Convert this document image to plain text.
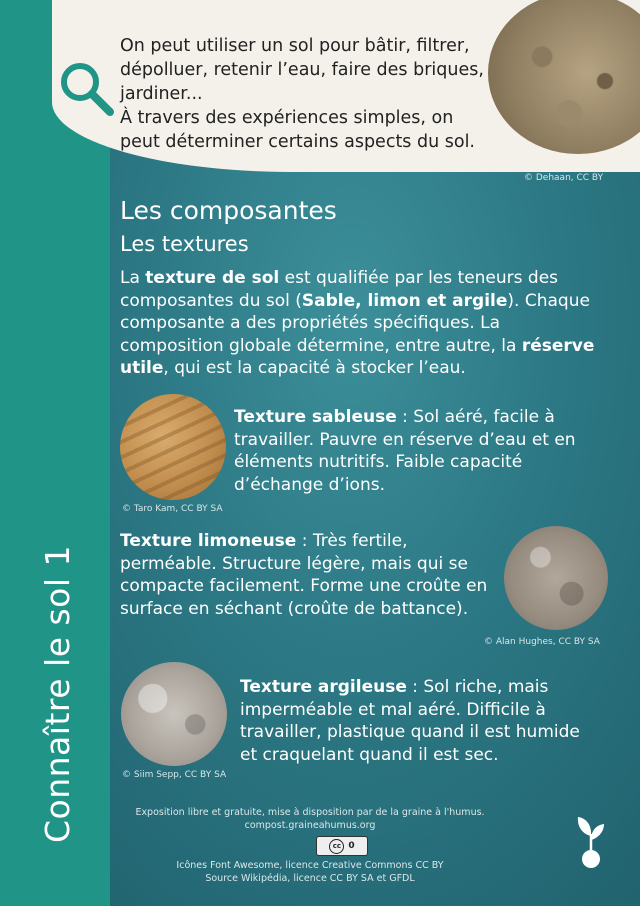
Connaître le sol 1

On peut utiliser un sol pour bâtir, filtrer, dépolluer, retenir l’eau, faire des briques, jardiner...

À travers des expériences simples, on peut déterminer certains aspects du sol.

© Dehaan, CC BY
Les composantes
Les textures
La texture de sol est qualifiée par les teneurs des composantes du sol (Sable, limon et argile). Chaque composante a des propriétés spécifiques. La composition globale détermine, entre autre, la réserve utile, qui est la capacité à stocker l’eau.
© Taro Kam, CC BY SA
Texture sableuse : Sol aéré, facile à travailler. Pauvre en réserve d’eau et en éléments nutritifs. Faible capacité d’échange d’ions.
Texture limoneuse : Très fertile, perméable. Structure légère, mais qui se compacte facilement. Forme une croûte en surface en séchant (croûte de battance).
© Alan Hughes, CC BY SA
© Siim Sepp, CC BY SA
Texture argileuse : Sol riche, mais imperméable et mal aéré. Difficile à travailler, plastique quand il est humide et craquelant quand il est sec.
Exposition libre et gratuite, mise à disposition par de la graine à l'humus.
compost.graineahumus.org
cc 0
Icônes Font Awesome, licence Creative Commons CC BY
Source Wikipédia, licence CC BY SA et GFDL
